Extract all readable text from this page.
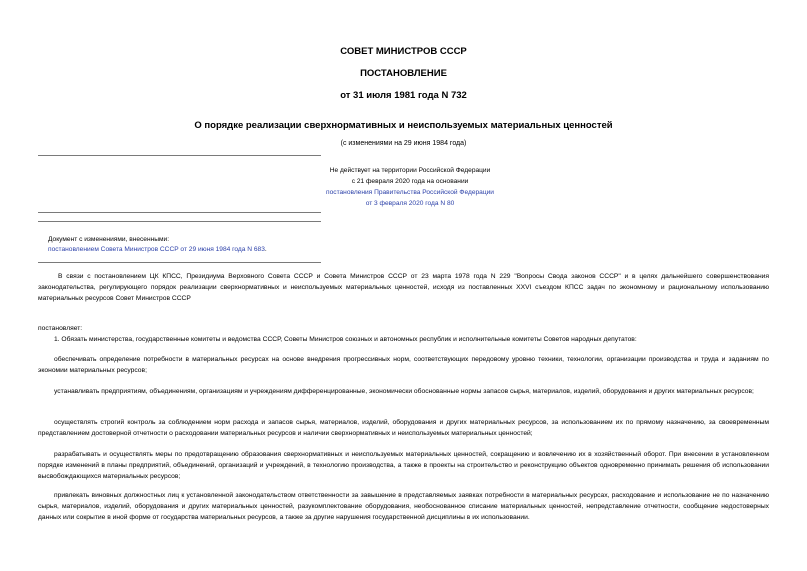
СОВЕТ МИНИСТРОВ СССР
ПОСТАНОВЛЕНИЕ
от 31 июля 1981 года N 732
О порядке реализации сверхнормативных и неиспользуемых материальных ценностей
(с изменениями на 29 июня 1984 года)
Не действует на территории Российской Федерации
с 21 февраля 2020 года на основании
постановления Правительства Российской Федерации
от 3 февраля 2020 года N 80
Документ с изменениями, внесенными:
постановлением Совета Министров СССР от 29 июня 1984 года N 683.
В связи с постановлением ЦК КПСС, Президиума Верховного Совета СССР и Совета Министров СССР от 23 марта 1978 года N 229 "Вопросы Свода законов СССР" и в целях дальнейшего совершенствования законодательства, регулирующего порядок реализации сверхнормативных и неиспользуемых материальных ценностей, исходя из поставленных XXVI съездом КПСС задач по экономному и рациональному использованию материальных ресурсов Совет Министров СССР
постановляет:
1. Обязать министерства, государственные комитеты и ведомства СССР, Советы Министров союзных и автономных республик и исполнительные комитеты Советов народных депутатов:
обеспечивать определение потребности в материальных ресурсах на основе внедрения прогрессивных норм, соответствующих передовому уровню техники, технологии, организации производства и труда и заданиям по экономии материальных ресурсов;
устанавливать предприятиям, объединениям, организациям и учреждениям дифференцированные, экономически обоснованные нормы запасов сырья, материалов, изделий, оборудования и других материальных ресурсов;
осуществлять строгий контроль за соблюдением норм расхода и запасов сырья, материалов, изделий, оборудования и других материальных ресурсов, за использованием их по прямому назначению, за своевременным представлением достоверной отчетности о расходовании материальных ресурсов и наличии сверхнормативных и неиспользуемых материальных ценностей;
разрабатывать и осуществлять меры по предотвращению образования сверхнормативных и неиспользуемых материальных ценностей, сокращению и вовлечению их в хозяйственный оборот. При внесении в установленном порядке изменений в планы предприятий, объединений, организаций и учреждений, в технологию производства, а также в проекты на строительство и реконструкцию объектов одновременно принимать решения об использовании высвобождающихся материальных ресурсов;
привлекать виновных должностных лиц к установленной законодательством ответственности за завышение в представляемых заявках потребности в материальных ресурсах, расходование и использование не по назначению сырья, материалов, изделий, оборудования и других материальных ценностей, разукомплектование оборудования, необоснованное списание материальных ценностей, непредставление отчетности, сообщение недостоверных данных или сокрытие в иной форме от государства материальных ресурсов, а также за другие нарушения государственной дисциплины в их использовании.
